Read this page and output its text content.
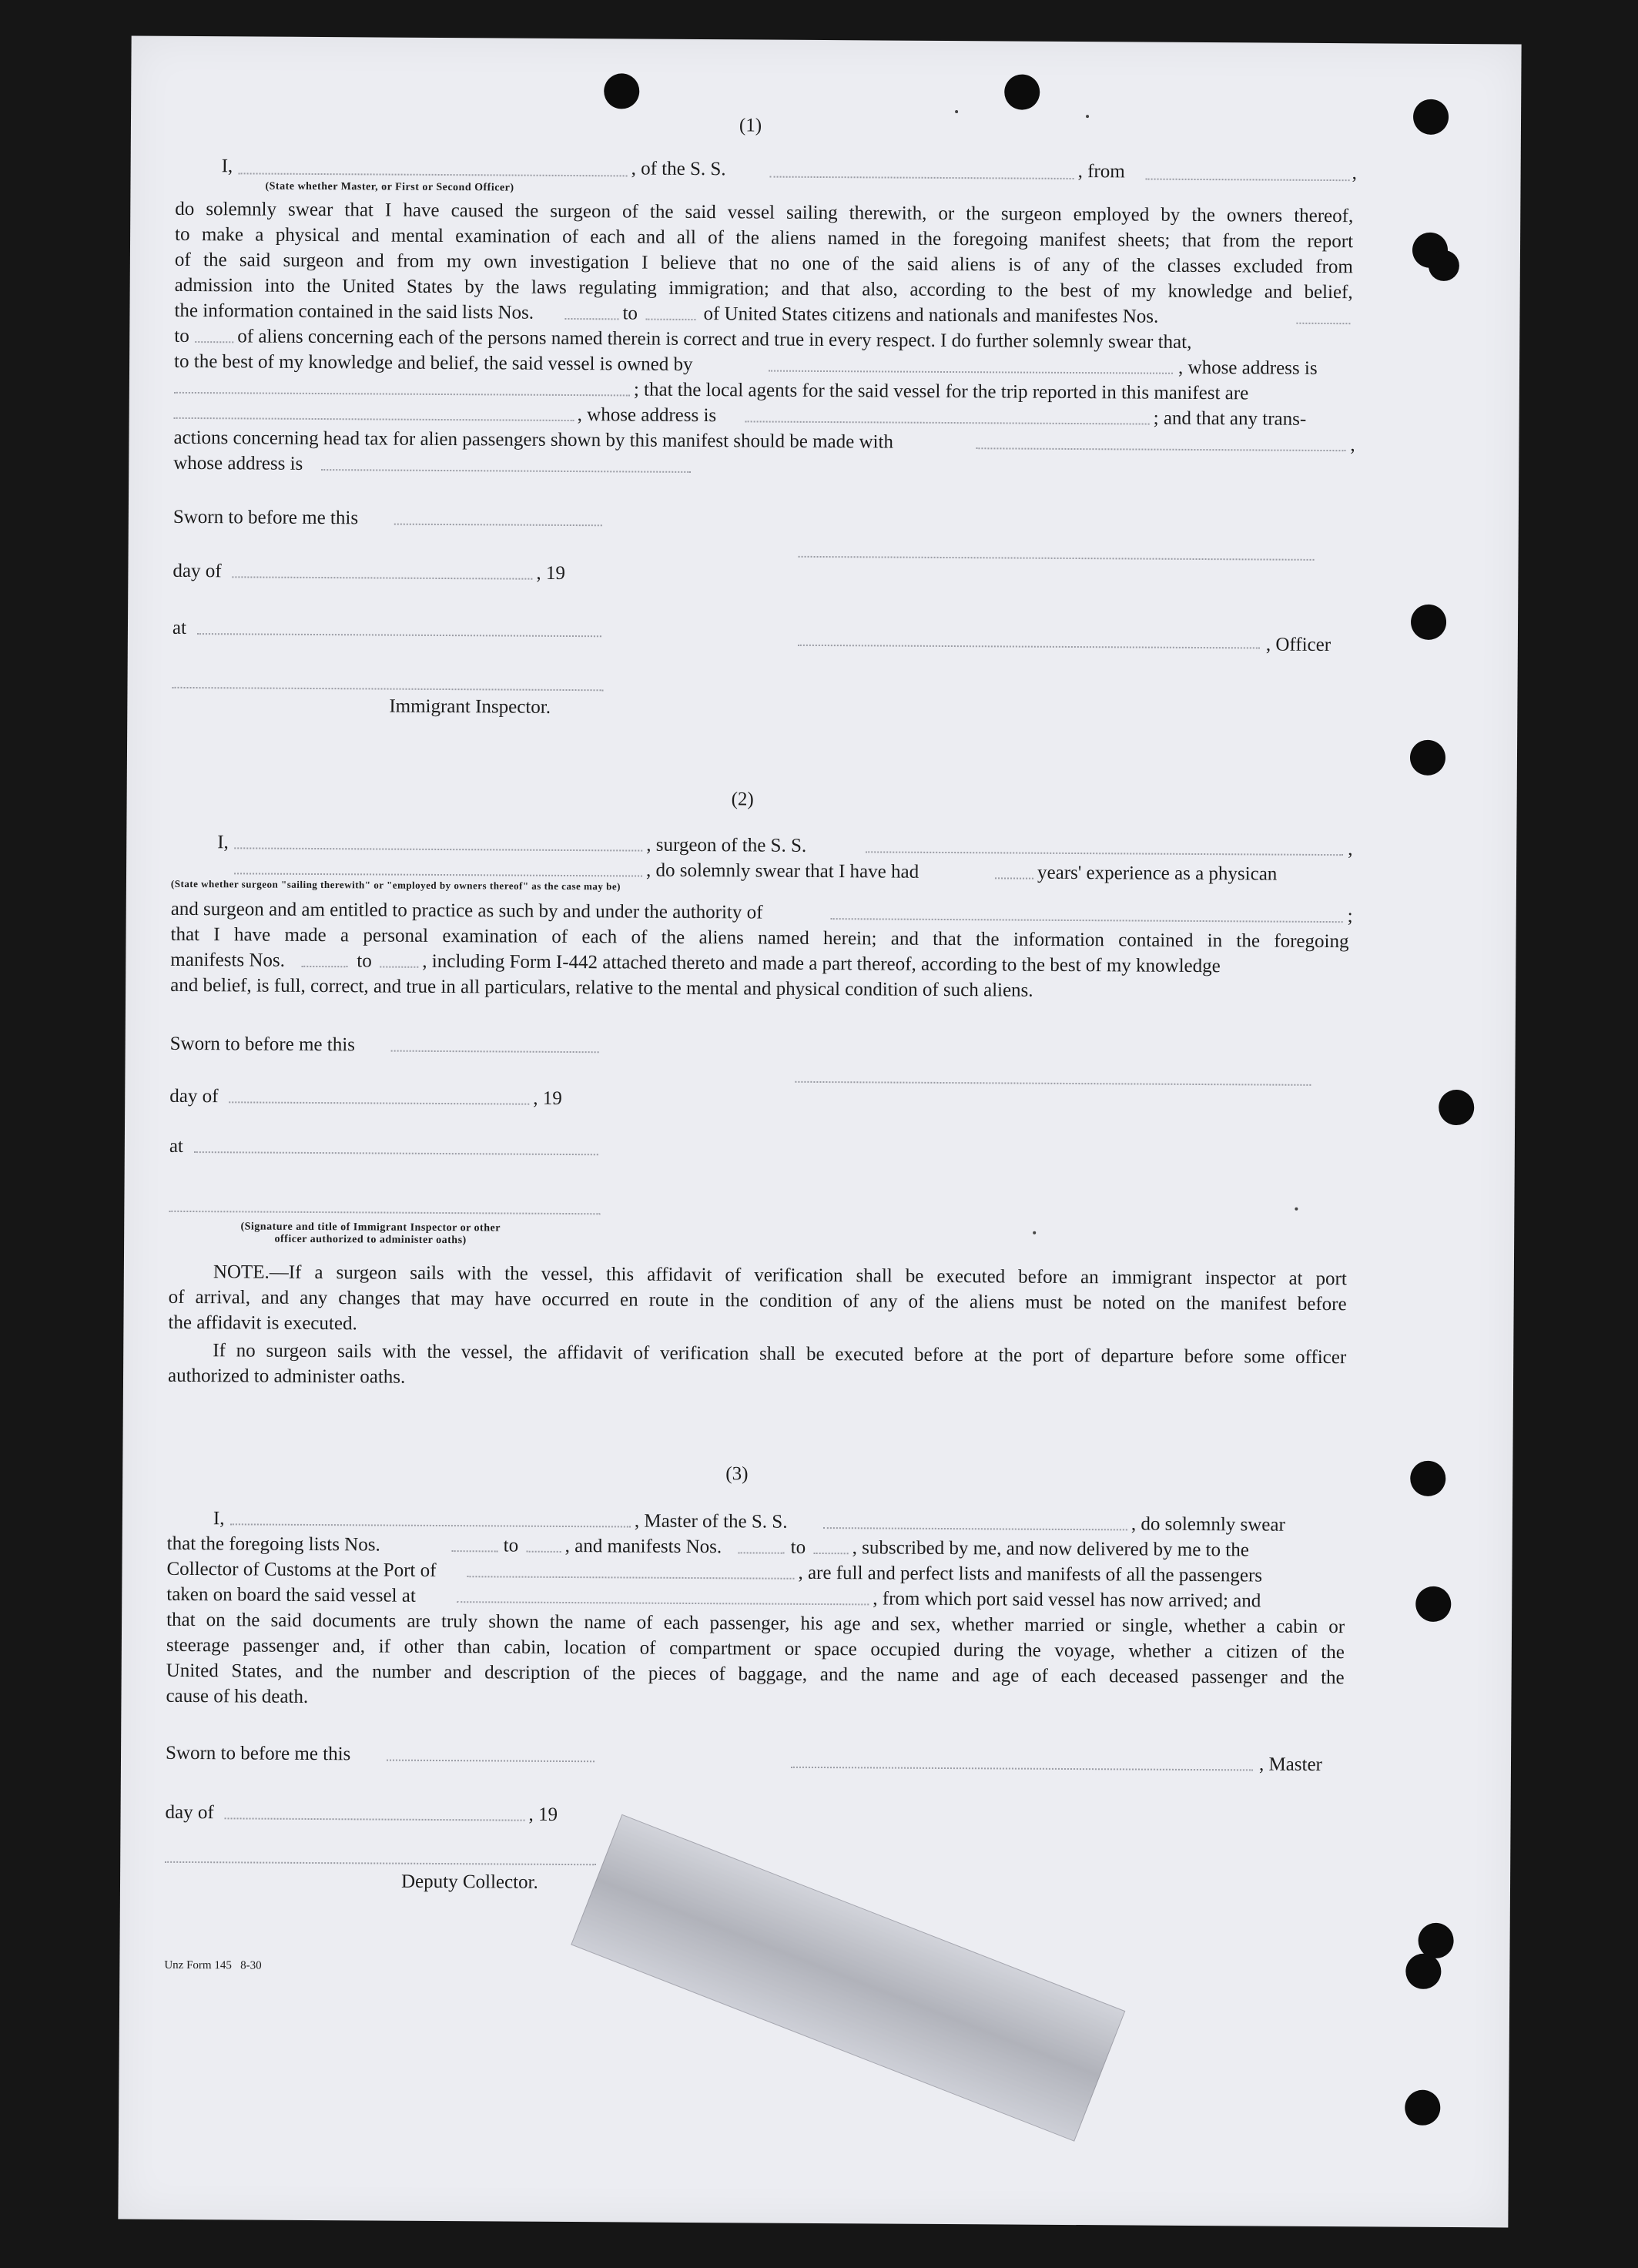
(1)
I,	, of the S. S.	, from	,
(State whether Master, or First or Second Officer)
do solemnly swear that I have caused the surgeon of the said vessel sailing therewith, or the surgeon employed by the owners thereof,
to make a physical and mental examination of each and all of the aliens named in the foregoing manifest sheets; that from the report
of the said surgeon and from my own investigation I believe that no one of the said aliens is of any of the classes excluded from
admission into the United States by the laws regulating immigration; and that also, according to the best of my knowledge and belief,
the information contained in the said lists Nos.	to	of United States citizens and nationals and manifestes Nos.
to of aliens concerning each of the persons named therein is correct and true in every respect. I do further solemnly swear that,
to the best of my knowledge and belief, the said vessel is owned by	, whose address is
; that the local agents for the said vessel for the trip reported in this manifest are
, whose address is	; and that any trans-
actions concerning head tax for alien passengers shown by this manifest should be made with	,
whose address is
Sworn to before me this
day of	, 19
at
, Officer
Immigrant Inspector.
(2)
I,	, surgeon of the S. S.	,
, do solemnly swear that I have had	years' experience as a physican
(State whether surgeon "sailing therewith" or "employed by owners thereof" as the case may be)
and surgeon and am entitled to practice as such by and under the authority of	;
that I have made a personal examination of each of the aliens named herein; and that the information contained in the foregoing
manifests Nos.	to	, including Form I-442 attached thereto and made a part thereof, according to the best of my knowledge
and belief, is full, correct, and true in all particulars, relative to the mental and physical condition of such aliens.
Sworn to before me this
day of	, 19
at
(Signature and title of Immigrant Inspector or other
officer authorized to administer oaths)
NOTE.—If a surgeon sails with the vessel, this affidavit of verification shall be executed before an immigrant inspector at port
of arrival, and any changes that may have occurred en route in the condition of any of the aliens must be noted on the manifest before
the affidavit is executed.
If no surgeon sails with the vessel, the affidavit of verification shall be executed before at the port of departure before some officer
authorized to administer oaths.
(3)
I,	, Master of the S. S.	, do solemnly swear
that the foregoing lists Nos.	to , and manifests Nos.	to , subscribed by me, and now delivered by me to the
Collector of Customs at the Port of	, are full and perfect lists and manifests of all the passengers
taken on board the said vessel at	, from which port said vessel has now arrived; and
that on the said documents are truly shown the name of each passenger, his age and sex, whether married or single, whether a cabin or
steerage passenger and, if other than cabin, location of compartment or space occupied during the voyage, whether a citizen of the
United States, and the number and description of the pieces of baggage, and the name and age of each deceased passenger and the
cause of his death.
Sworn to before me this	, Master
day of	, 19
Deputy Collector.
Unz Form 145   8-30
